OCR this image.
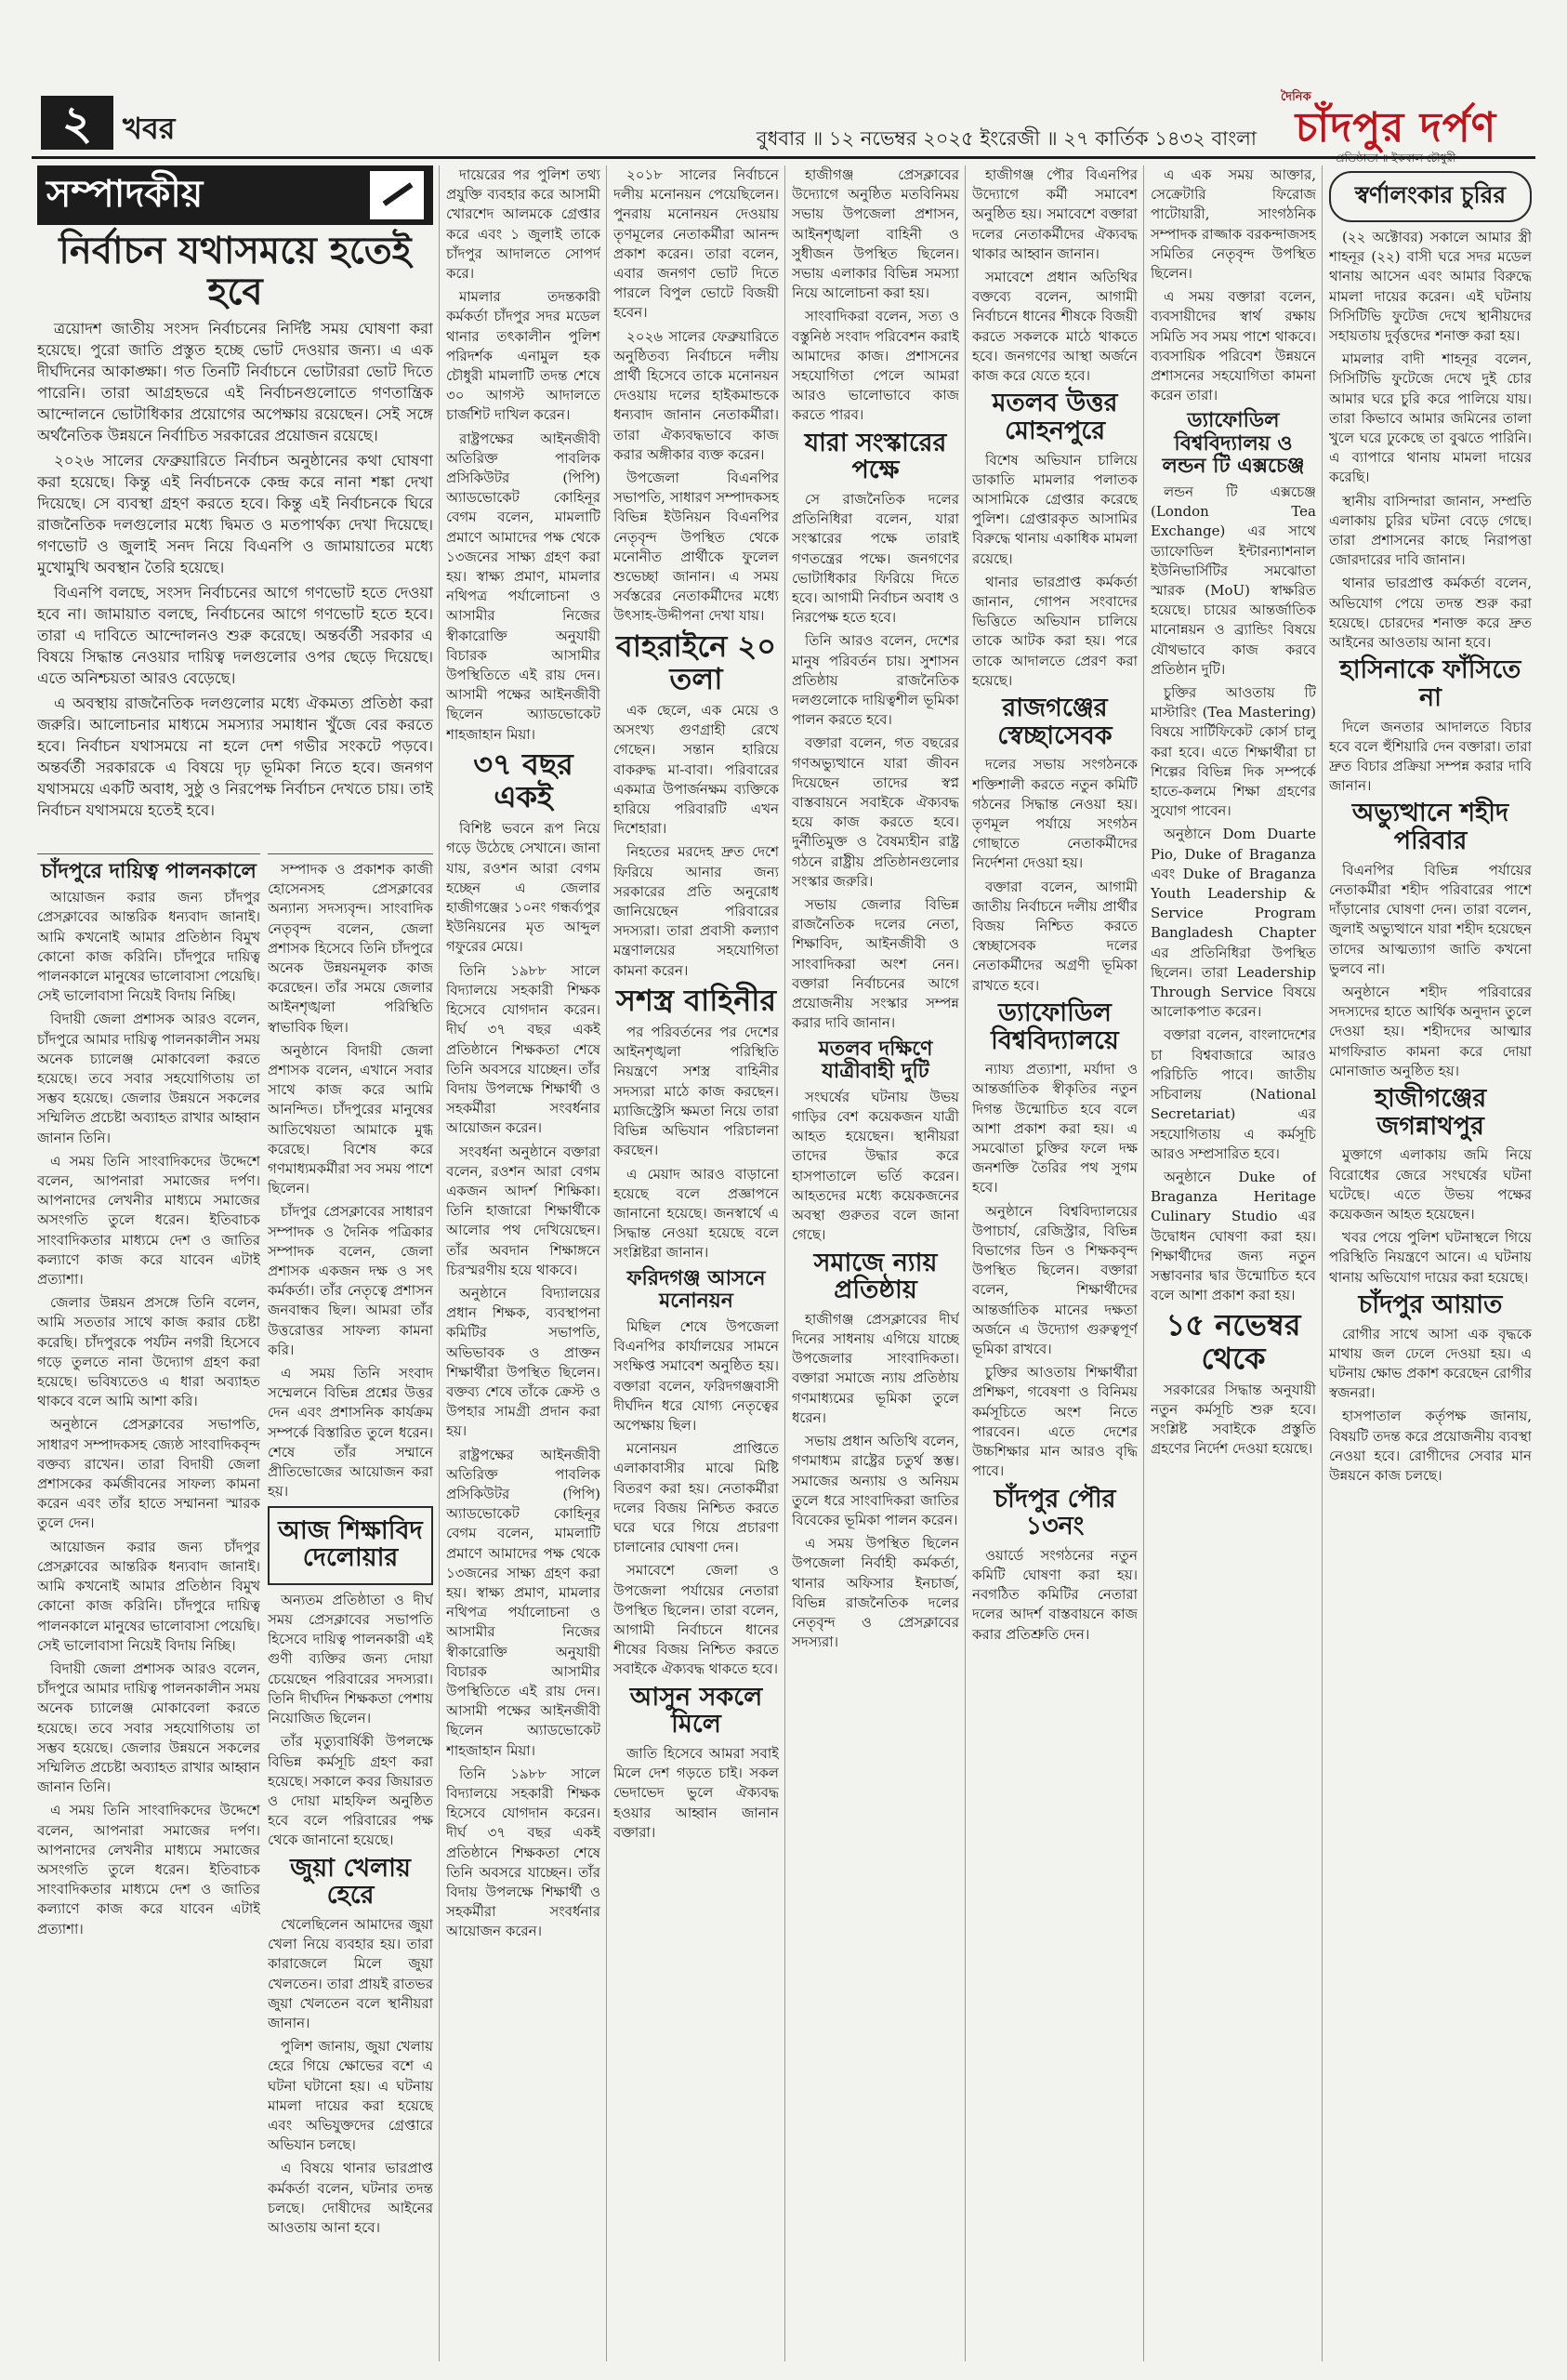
২	খবর	বুধবার ॥ ১২ নভেম্বর ২০২৫ ইংরেজী ॥ ২৭ কার্তিক ১৪৩২ বাংলা
দৈনিক
চাঁদপুর দর্পণ
সম্পাদকীয়
নির্বাচন যথাসময়ে হতেই হবে

ত্রয়োদশ জাতীয় সংসদ নির্বাচনের নির্দিষ্ট সময় ঘোষণা করা হয়েছে। পুরো জাতি প্রস্তুত হচ্ছে ভোট দেওয়ার জন্য। এ এক দীর্ঘদিনের আকাঙ্ক্ষা। গত তিনটি নির্বাচনে ভোটাররা ভোট দিতে পারেনি। তারা আগ্রহভরে এই নির্বাচনগুলোতে গণতান্ত্রিক আন্দোলনে ভোটাধিকার প্রয়োগের অপেক্ষায় রয়েছেন। সেই সঙ্গে অর্থনৈতিক উন্নয়নে নির্বাচিত সরকারের প্রয়োজন রয়েছে।

২০২৬ সালের ফেব্রুয়ারিতে নির্বাচন অনুষ্ঠানের কথা ঘোষণা করা হয়েছে। কিন্তু এই নির্বাচনকে কেন্দ্র করে নানা শঙ্কা দেখা দিয়েছে। সে ব্যবস্থা গ্রহণ করতে হবে। কিন্তু এই নির্বাচনকে ঘিরে রাজনৈতিক দলগুলোর মধ্যে দ্বিমত ও মতপার্থক্য দেখা দিয়েছে। গণভোট ও জুলাই সনদ নিয়ে বিএনপি ও জামায়াতের মধ্যে মুখোমুখি অবস্থান তৈরি হয়েছে।

বিএনপি বলছে, সংসদ নির্বাচনের আগে গণভোট হতে দেওয়া হবে না। জামায়াত বলছে, নির্বাচনের আগে গণভোট হতে হবে। তারা এ দাবিতে আন্দোলনও শুরু করেছে। অন্তর্বর্তী সরকার এ বিষয়ে সিদ্ধান্ত নেওয়ার দায়িত্ব দলগুলোর ওপর ছেড়ে দিয়েছে। এতে অনিশ্চয়তা আরও বেড়েছে।

এ অবস্থায় রাজনৈতিক দলগুলোর মধ্যে ঐকমত্য প্রতিষ্ঠা করা জরুরি। আলোচনার মাধ্যমে সমস্যার সমাধান খুঁজে বের করতে হবে। নির্বাচন যথাসময়ে না হলে দেশ গভীর সংকটে পড়বে। অন্তর্বর্তী সরকারকে এ বিষয়ে দৃঢ় ভূমিকা নিতে হবে। জনগণ যথাসময়ে একটি অবাধ, সুষ্ঠু ও নিরপেক্ষ নির্বাচন দেখতে চায়। তাই নির্বাচন যথাসময়ে হতেই হবে।

চাঁদপুরে দায়িত্ব পালনকালে

আয়োজন করার জন্য চাঁদপুর প্রেসক্লাবের আন্তরিক ধন্যবাদ জানাই। আমি কখনোই আমার প্রতিষ্ঠান বিমুখ কোনো কাজ করিনি। চাঁদপুরে দায়িত্ব পালনকালে মানুষের ভালোবাসা পেয়েছি। সেই ভালোবাসা নিয়েই বিদায় নিচ্ছি।

বিদায়ী জেলা প্রশাসক আরও বলেন, চাঁদপুরে আমার দায়িত্ব পালনকালীন সময় অনেক চ্যালেঞ্জ মোকাবেলা করতে হয়েছে। তবে সবার সহযোগিতায় তা সম্ভব হয়েছে। জেলার উন্নয়নে সকলের সম্মিলিত প্রচেষ্টা অব্যাহত রাখার আহ্বান জানান তিনি।

এ সময় তিনি সাংবাদিকদের উদ্দেশে বলেন, আপনারা সমাজের দর্পণ। আপনাদের লেখনীর মাধ্যমে সমাজের অসংগতি তুলে ধরেন। ইতিবাচক সাংবাদিকতার মাধ্যমে দেশ ও জাতির কল্যাণে কাজ করে যাবেন এটাই প্রত্যাশা।

জেলার উন্নয়ন প্রসঙ্গে তিনি বলেন, আমি সততার সাথে কাজ করার চেষ্টা করেছি। চাঁদপুরকে পর্যটন নগরী হিসেবে গড়ে তুলতে নানা উদ্যোগ গ্রহণ করা হয়েছে। ভবিষ্যতেও এ ধারা অব্যাহত থাকবে বলে আমি আশা করি।

অনুষ্ঠানে প্রেসক্লাবের সভাপতি, সাধারণ সম্পাদকসহ জ্যেষ্ঠ সাংবাদিকবৃন্দ বক্তব্য রাখেন। তারা বিদায়ী জেলা প্রশাসকের কর্মজীবনের সাফল্য কামনা করেন এবং তাঁর হাতে সম্মাননা স্মারক তুলে দেন।

আয়োজন করার জন্য চাঁদপুর প্রেসক্লাবের আন্তরিক ধন্যবাদ জানাই। আমি কখনোই আমার প্রতিষ্ঠান বিমুখ কোনো কাজ করিনি। চাঁদপুরে দায়িত্ব পালনকালে মানুষের ভালোবাসা পেয়েছি। সেই ভালোবাসা নিয়েই বিদায় নিচ্ছি।

বিদায়ী জেলা প্রশাসক আরও বলেন, চাঁদপুরে আমার দায়িত্ব পালনকালীন সময় অনেক চ্যালেঞ্জ মোকাবেলা করতে হয়েছে। তবে সবার সহযোগিতায় তা সম্ভব হয়েছে। জেলার উন্নয়নে সকলের সম্মিলিত প্রচেষ্টা অব্যাহত রাখার আহ্বান জানান তিনি।

এ সময় তিনি সাংবাদিকদের উদ্দেশে বলেন, আপনারা সমাজের দর্পণ। আপনাদের লেখনীর মাধ্যমে সমাজের অসংগতি তুলে ধরেন। ইতিবাচক সাংবাদিকতার মাধ্যমে দেশ ও জাতির কল্যাণে কাজ করে যাবেন এটাই প্রত্যাশা।

সম্পাদক ও প্রকাশক কাজী হোসেনসহ প্রেসক্লাবের অন্যান্য সদস্যবৃন্দ। সাংবাদিক নেতৃবৃন্দ বলেন, জেলা প্রশাসক হিসেবে তিনি চাঁদপুরে অনেক উন্নয়নমূলক কাজ করেছেন। তাঁর সময়ে জেলার আইনশৃঙ্খলা পরিস্থিতি স্বাভাবিক ছিল।

অনুষ্ঠানে বিদায়ী জেলা প্রশাসক বলেন, এখানে সবার সাথে কাজ করে আমি আনন্দিত। চাঁদপুরের মানুষের আতিথেয়তা আমাকে মুগ্ধ করেছে। বিশেষ করে গণমাধ্যমকর্মীরা সব সময় পাশে ছিলেন।

চাঁদপুর প্রেসক্লাবের সাধারণ সম্পাদক ও দৈনিক পত্রিকার সম্পাদক বলেন, জেলা প্রশাসক একজন দক্ষ ও সৎ কর্মকর্তা। তাঁর নেতৃত্বে প্রশাসন জনবান্ধব ছিল। আমরা তাঁর উত্তরোত্তর সাফল্য কামনা করি।

এ সময় তিনি সংবাদ সম্মেলনে বিভিন্ন প্রশ্নের উত্তর দেন এবং প্রশাসনিক কার্যক্রম সম্পর্কে বিস্তারিত তুলে ধরেন। শেষে তাঁর সম্মানে প্রীতিভোজের আয়োজন করা হয়।

আজ শিক্ষাবিদ দেলোয়ার

অন্যতম প্রতিষ্ঠাতা ও দীর্ঘ সময় প্রেসক্লাবের সভাপতি হিসেবে দায়িত্ব পালনকারী এই গুণী ব্যক্তির জন্য দোয়া চেয়েছেন পরিবারের সদস্যরা। তিনি দীর্ঘদিন শিক্ষকতা পেশায় নিয়োজিত ছিলেন।

তাঁর মৃত্যুবার্ষিকী উপলক্ষে বিভিন্ন কর্মসূচি গ্রহণ করা হয়েছে। সকালে কবর জিয়ারত ও দোয়া মাহফিল অনুষ্ঠিত হবে বলে পরিবারের পক্ষ থেকে জানানো হয়েছে।

জুয়া খেলায় হেরে

খেলেছিলেন আমাদের জুয়া খেলা নিয়ে ব্যবহার হয়। তারা কারাজেলে মিলে জুয়া খেলতেন। তারা প্রায়ই রাতভর জুয়া খেলতেন বলে স্থানীয়রা জানান।

পুলিশ জানায়, জুয়া খেলায় হেরে গিয়ে ক্ষোভের বশে এ ঘটনা ঘটানো হয়। এ ঘটনায় মামলা দায়ের করা হয়েছে এবং অভিযুক্তদের গ্রেপ্তারে অভিযান চলছে।

এ বিষয়ে থানার ভারপ্রাপ্ত কর্মকর্তা বলেন, ঘটনার তদন্ত চলছে। দোষীদের আইনের আওতায় আনা হবে।

দায়েরের পর পুলিশ তথ্য প্রযুক্তি ব্যবহার করে আসামী খোরশেদ আলমকে গ্রেপ্তার করে এবং ১ জুলাই তাকে চাঁদপুর আদালতে সোপর্দ করে।

মামলার তদন্তকারী কর্মকর্তা চাঁদপুর সদর মডেল থানার তৎকালীন পুলিশ পরিদর্শক এনামুল হক চৌধুরী মামলাটি তদন্ত শেষে ৩০ আগস্ট আদালতে চার্জশিট দাখিল করেন।

রাষ্ট্রপক্ষের আইনজীবী অতিরিক্ত পাবলিক প্রসিকিউটর (পিপি) অ্যাডভোকেট কোহিনূর বেগম বলেন, মামলাটি প্রমাণে আমাদের পক্ষ থেকে ১৩জনের সাক্ষ্য গ্রহণ করা হয়। স্বাক্ষ্য প্রমাণ, মামলার নথিপত্র পর্যালোচনা ও আসামীর নিজের স্বীকারোক্তি অনুযায়ী বিচারক আসামীর উপস্থিতিতে এই রায় দেন। আসামী পক্ষের আইনজীবী ছিলেন অ্যাডভোকেট শাহজাহান মিয়া।

৩৭ বছর একই

বিশিষ্ট ভবনে রূপ নিয়ে গড়ে উঠেছে সেখানে। জানা যায়, রওশন আরা বেগম হচ্ছেন এ জেলার হাজীগঞ্জের ১০নং গন্ধর্ব্যপুর ইউনিয়নের মৃত আব্দুল গফুরের মেয়ে।

তিনি ১৯৮৮ সালে বিদ্যালয়ে সহকারী শিক্ষক হিসেবে যোগদান করেন। দীর্ঘ ৩৭ বছর একই প্রতিষ্ঠানে শিক্ষকতা শেষে তিনি অবসরে যাচ্ছেন। তাঁর বিদায় উপলক্ষে শিক্ষার্থী ও সহকর্মীরা সংবর্ধনার আয়োজন করেন।

সংবর্ধনা অনুষ্ঠানে বক্তারা বলেন, রওশন আরা বেগম একজন আদর্শ শিক্ষিকা। তিনি হাজারো শিক্ষার্থীকে আলোর পথ দেখিয়েছেন। তাঁর অবদান শিক্ষাঙ্গনে চিরস্মরণীয় হয়ে থাকবে।

অনুষ্ঠানে বিদ্যালয়ের প্রধান শিক্ষক, ব্যবস্থাপনা কমিটির সভাপতি, অভিভাবক ও প্রাক্তন শিক্ষার্থীরা উপস্থিত ছিলেন। বক্তব্য শেষে তাঁকে ক্রেস্ট ও উপহার সামগ্রী প্রদান করা হয়।

রাষ্ট্রপক্ষের আইনজীবী অতিরিক্ত পাবলিক প্রসিকিউটর (পিপি) অ্যাডভোকেট কোহিনূর বেগম বলেন, মামলাটি প্রমাণে আমাদের পক্ষ থেকে ১৩জনের সাক্ষ্য গ্রহণ করা হয়। স্বাক্ষ্য প্রমাণ, মামলার নথিপত্র পর্যালোচনা ও আসামীর নিজের স্বীকারোক্তি অনুযায়ী বিচারক আসামীর উপস্থিতিতে এই রায় দেন। আসামী পক্ষের আইনজীবী ছিলেন অ্যাডভোকেট শাহজাহান মিয়া।

তিনি ১৯৮৮ সালে বিদ্যালয়ে সহকারী শিক্ষক হিসেবে যোগদান করেন। দীর্ঘ ৩৭ বছর একই প্রতিষ্ঠানে শিক্ষকতা শেষে তিনি অবসরে যাচ্ছেন। তাঁর বিদায় উপলক্ষে শিক্ষার্থী ও সহকর্মীরা সংবর্ধনার আয়োজন করেন।

২০১৮ সালের নির্বাচনে দলীয় মনোনয়ন পেয়েছিলেন। পুনরায় মনোনয়ন দেওয়ায় তৃণমূলের নেতাকর্মীরা আনন্দ প্রকাশ করেন। তারা বলেন, এবার জনগণ ভোট দিতে পারলে বিপুল ভোটে বিজয়ী হবেন।

২০২৬ সালের ফেব্রুয়ারিতে অনুষ্ঠিতব্য নির্বাচনে দলীয় প্রার্থী হিসেবে তাকে মনোনয়ন দেওয়ায় দলের হাইকমান্ডকে ধন্যবাদ জানান নেতাকর্মীরা। তারা ঐক্যবদ্ধভাবে কাজ করার অঙ্গীকার ব্যক্ত করেন।

উপজেলা বিএনপির সভাপতি, সাধারণ সম্পাদকসহ বিভিন্ন ইউনিয়ন বিএনপির নেতৃবৃন্দ উপস্থিত থেকে মনোনীত প্রার্থীকে ফুলেল শুভেচ্ছা জানান। এ সময় সর্বস্তরের নেতাকর্মীদের মধ্যে উৎসাহ-উদ্দীপনা দেখা যায়।

বাহরাইনে ২০ তলা

এক ছেলে, এক মেয়ে ও অসংখ্য গুণগ্রাহী রেখে গেছেন। সন্তান হারিয়ে বাকরুদ্ধ মা-বাবা। পরিবারের একমাত্র উপার্জনক্ষম ব্যক্তিকে হারিয়ে পরিবারটি এখন দিশেহারা।

নিহতের মরদেহ দ্রুত দেশে ফিরিয়ে আনার জন্য সরকারের প্রতি অনুরোধ জানিয়েছেন পরিবারের সদস্যরা। তারা প্রবাসী কল্যাণ মন্ত্রণালয়ের সহযোগিতা কামনা করেন।

সশস্ত্র বাহিনীর

পর পরিবর্তনের পর দেশের আইনশৃঙ্খলা পরিস্থিতি নিয়ন্ত্রণে সশস্ত্র বাহিনীর সদস্যরা মাঠে কাজ করছেন। ম্যাজিস্ট্রেসি ক্ষমতা নিয়ে তারা বিভিন্ন অভিযান পরিচালনা করছেন।

এ মেয়াদ আরও বাড়ানো হয়েছে বলে প্রজ্ঞাপনে জানানো হয়েছে। জনস্বার্থে এ সিদ্ধান্ত নেওয়া হয়েছে বলে সংশ্লিষ্টরা জানান।

ফরিদগঞ্জ আসনে মনোনয়ন

মিছিল শেষে উপজেলা বিএনপির কার্যালয়ের সামনে সংক্ষিপ্ত সমাবেশ অনুষ্ঠিত হয়। বক্তারা বলেন, ফরিদগঞ্জবাসী দীর্ঘদিন ধরে যোগ্য নেতৃত্বের অপেক্ষায় ছিল।

মনোনয়ন প্রাপ্তিতে এলাকাবাসীর মাঝে মিষ্টি বিতরণ করা হয়। নেতাকর্মীরা দলের বিজয় নিশ্চিত করতে ঘরে ঘরে গিয়ে প্রচারণা চালানোর ঘোষণা দেন।

সমাবেশে জেলা ও উপজেলা পর্যায়ের নেতারা উপস্থিত ছিলেন। তারা বলেন, আগামী নির্বাচনে ধানের শীষের বিজয় নিশ্চিত করতে সবাইকে ঐক্যবদ্ধ থাকতে হবে।

আসুন সকলে মিলে

জাতি হিসেবে আমরা সবাই মিলে দেশ গড়তে চাই। সকল ভেদাভেদ ভুলে ঐক্যবদ্ধ হওয়ার আহ্বান জানান বক্তারা।

হাজীগঞ্জ প্রেসক্লাবের উদ্যোগে অনুষ্ঠিত মতবিনিময় সভায় উপজেলা প্রশাসন, আইনশৃঙ্খলা বাহিনী ও সুধীজন উপস্থিত ছিলেন। সভায় এলাকার বিভিন্ন সমস্যা নিয়ে আলোচনা করা হয়।

সাংবাদিকরা বলেন, সত্য ও বস্তুনিষ্ঠ সংবাদ পরিবেশন করাই আমাদের কাজ। প্রশাসনের সহযোগিতা পেলে আমরা আরও ভালোভাবে কাজ করতে পারব।

যারা সংস্কারের পক্ষে

সে রাজনৈতিক দলের প্রতিনিধিরা বলেন, যারা সংস্কারের পক্ষে তারাই গণতন্ত্রের পক্ষে। জনগণের ভোটাধিকার ফিরিয়ে দিতে হবে। আগামী নির্বাচন অবাধ ও নিরপেক্ষ হতে হবে।

তিনি আরও বলেন, দেশের মানুষ পরিবর্তন চায়। সুশাসন প্রতিষ্ঠায় রাজনৈতিক দলগুলোকে দায়িত্বশীল ভূমিকা পালন করতে হবে।

বক্তারা বলেন, গত বছরের গণঅভ্যুত্থানে যারা জীবন দিয়েছেন তাদের স্বপ্ন বাস্তবায়নে সবাইকে ঐক্যবদ্ধ হয়ে কাজ করতে হবে। দুর্নীতিমুক্ত ও বৈষম্যহীন রাষ্ট্র গঠনে রাষ্ট্রীয় প্রতিষ্ঠানগুলোর সংস্কার জরুরি।

সভায় জেলার বিভিন্ন রাজনৈতিক দলের নেতা, শিক্ষাবিদ, আইনজীবী ও সাংবাদিকরা অংশ নেন। বক্তারা নির্বাচনের আগে প্রয়োজনীয় সংস্কার সম্পন্ন করার দাবি জানান।

মতলব দক্ষিণে যাত্রীবাহী দুটি

সংঘর্ষের ঘটনায় উভয় গাড়ির বেশ কয়েকজন যাত্রী আহত হয়েছেন। স্থানীয়রা তাদের উদ্ধার করে হাসপাতালে ভর্তি করেন। আহতদের মধ্যে কয়েকজনের অবস্থা গুরুতর বলে জানা গেছে।

সমাজে ন্যায় প্রতিষ্ঠায়

হাজীগঞ্জ প্রেসক্লাবের দীর্ঘ দিনের সাধনায় এগিয়ে যাচ্ছে উপজেলার সাংবাদিকতা। বক্তারা সমাজে ন্যায় প্রতিষ্ঠায় গণমাধ্যমের ভূমিকা তুলে ধরেন।

সভায় প্রধান অতিথি বলেন, গণমাধ্যম রাষ্ট্রের চতুর্থ স্তম্ভ। সমাজের অন্যায় ও অনিয়ম তুলে ধরে সাংবাদিকরা জাতির বিবেকের ভূমিকা পালন করেন।

এ সময় উপস্থিত ছিলেন উপজেলা নির্বাহী কর্মকর্তা, থানার অফিসার ইনচার্জ, বিভিন্ন রাজনৈতিক দলের নেতৃবৃন্দ ও প্রেসক্লাবের সদস্যরা।

হাজীগঞ্জ পৌর বিএনপির উদ্যোগে কর্মী সমাবেশ অনুষ্ঠিত হয়। সমাবেশে বক্তারা দলের নেতাকর্মীদের ঐক্যবদ্ধ থাকার আহ্বান জানান।

সমাবেশে প্রধান অতিথির বক্তব্যে বলেন, আগামী নির্বাচনে ধানের শীষকে বিজয়ী করতে সকলকে মাঠে থাকতে হবে। জনগণের আস্থা অর্জনে কাজ করে যেতে হবে।

মতলব উত্তর মোহনপুরে

বিশেষ অভিযান চালিয়ে ডাকাতি মামলার পলাতক আসামিকে গ্রেপ্তার করেছে পুলিশ। গ্রেপ্তারকৃত আসামির বিরুদ্ধে থানায় একাধিক মামলা রয়েছে।

থানার ভারপ্রাপ্ত কর্মকর্তা জানান, গোপন সংবাদের ভিত্তিতে অভিযান চালিয়ে তাকে আটক করা হয়। পরে তাকে আদালতে প্রেরণ করা হয়েছে।

রাজগঞ্জের স্বেচ্ছাসেবক

দলের সভায় সংগঠনকে শক্তিশালী করতে নতুন কমিটি গঠনের সিদ্ধান্ত নেওয়া হয়। তৃণমূল পর্যায়ে সংগঠন গোছাতে নেতাকর্মীদের নির্দেশনা দেওয়া হয়।

বক্তারা বলেন, আগামী জাতীয় নির্বাচনে দলীয় প্রার্থীর বিজয় নিশ্চিত করতে স্বেচ্ছাসেবক দলের নেতাকর্মীদের অগ্রণী ভূমিকা রাখতে হবে।

ড্যাফোডিল বিশ্ববিদ্যালয়ে

ন্যায্য প্রত্যাশা, মর্যাদা ও আন্তর্জাতিক স্বীকৃতির নতুন দিগন্ত উন্মোচিত হবে বলে আশা প্রকাশ করা হয়। এ সমঝোতা চুক্তির ফলে দক্ষ জনশক্তি তৈরির পথ সুগম হবে।

অনুষ্ঠানে বিশ্ববিদ্যালয়ের উপাচার্য, রেজিস্ট্রার, বিভিন্ন বিভাগের ডিন ও শিক্ষকবৃন্দ উপস্থিত ছিলেন। বক্তারা বলেন, শিক্ষার্থীদের আন্তর্জাতিক মানের দক্ষতা অর্জনে এ উদ্যোগ গুরুত্বপূর্ণ ভূমিকা রাখবে।

চুক্তির আওতায় শিক্ষার্থীরা প্রশিক্ষণ, গবেষণা ও বিনিময় কর্মসূচিতে অংশ নিতে পারবেন। এতে দেশের উচ্চশিক্ষার মান আরও বৃদ্ধি পাবে।

চাঁদপুর পৌর ১৩নং

ওয়ার্ডে সংগঠনের নতুন কমিটি ঘোষণা করা হয়। নবগঠিত কমিটির নেতারা দলের আদর্শ বাস্তবায়নে কাজ করার প্রতিশ্রুতি দেন।

এ এক সময় আক্তার, সেক্রেটারি ফিরোজ পাটোয়ারী, সাংগঠনিক সম্পাদক রাজ্জাক বরকন্দাজসহ সমিতির নেতৃবৃন্দ উপস্থিত ছিলেন।

এ সময় বক্তারা বলেন, ব্যবসায়ীদের স্বার্থ রক্ষায় সমিতি সব সময় পাশে থাকবে। ব্যবসায়িক পরিবেশ উন্নয়নে প্রশাসনের সহযোগিতা কামনা করেন তারা।

ড্যাফোডিল বিশ্ববিদ্যালয় ও লন্ডন টি এক্সচেঞ্জ

লন্ডন টি এক্সচেঞ্জ (London Tea Exchange) এর সাথে ড্যাফোডিল ইন্টারন্যাশনাল ইউনিভার্সিটির সমঝোতা স্মারক (MoU) স্বাক্ষরিত হয়েছে। চায়ের আন্তর্জাতিক মানোন্নয়ন ও ব্র্যান্ডিং বিষয়ে যৌথভাবে কাজ করবে প্রতিষ্ঠান দুটি।

চুক্তির আওতায় টি মাস্টারিং (Tea Mastering) বিষয়ে সার্টিফিকেট কোর্স চালু করা হবে। এতে শিক্ষার্থীরা চা শিল্পের বিভিন্ন দিক সম্পর্কে হাতে-কলমে শিক্ষা গ্রহণের সুযোগ পাবেন।

অনুষ্ঠানে Dom Duarte Pio, Duke of Braganza এবং Duke of Braganza Youth Leadership & Service Program Bangladesh Chapter এর প্রতিনিধিরা উপস্থিত ছিলেন। তারা Leadership Through Service বিষয়ে আলোকপাত করেন।

বক্তারা বলেন, বাংলাদেশের চা বিশ্ববাজারে আরও পরিচিতি পাবে। জাতীয় সচিবালয় (National Secretariat) এর সহযোগিতায় এ কর্মসূচি আরও সম্প্রসারিত হবে।

অনুষ্ঠানে Duke of Braganza Heritage Culinary Studio এর উদ্বোধন ঘোষণা করা হয়। শিক্ষার্থীদের জন্য নতুন সম্ভাবনার দ্বার উন্মোচিত হবে বলে আশা প্রকাশ করা হয়।

১৫ নভেম্বর থেকে

সরকারের সিদ্ধান্ত অনুযায়ী নতুন কর্মসূচি শুরু হবে। সংশ্লিষ্ট সবাইকে প্রস্তুতি গ্রহণের নির্দেশ দেওয়া হয়েছে।

স্বর্ণালংকার চুরির

(২২ অক্টোবর) সকালে আমার স্ত্রী শাহনূর (২২) বাসী ঘরে সদর মডেল থানায় আসেন এবং আমার বিরুদ্ধে মামলা দায়ের করেন। এই ঘটনায় সিসিটিভি ফুটেজ দেখে স্থানীয়দের সহায়তায় দুর্বৃত্তদের শনাক্ত করা হয়।

মামলার বাদী শাহনূর বলেন, সিসিটিভি ফুটেজে দেখে দুই চোর আমার ঘরে চুরি করে পালিয়ে যায়। তারা কিভাবে আমার জমিনের তালা খুলে ঘরে ঢুকেছে তা বুঝতে পারিনি। এ ব্যাপারে থানায় মামলা দায়ের করেছি।

স্থানীয় বাসিন্দারা জানান, সম্প্রতি এলাকায় চুরির ঘটনা বেড়ে গেছে। তারা প্রশাসনের কাছে নিরাপত্তা জোরদারের দাবি জানান।

থানার ভারপ্রাপ্ত কর্মকর্তা বলেন, অভিযোগ পেয়ে তদন্ত শুরু করা হয়েছে। চোরদের শনাক্ত করে দ্রুত আইনের আওতায় আনা হবে।

হাসিনাকে ফাঁসিতে না

দিলে জনতার আদালতে বিচার হবে বলে হুঁশিয়ারি দেন বক্তারা। তারা দ্রুত বিচার প্রক্রিয়া সম্পন্ন করার দাবি জানান।

অভ্যুত্থানে শহীদ পরিবার

বিএনপির বিভিন্ন পর্যায়ের নেতাকর্মীরা শহীদ পরিবারের পাশে দাঁড়ানোর ঘোষণা দেন। তারা বলেন, জুলাই অভ্যুত্থানে যারা শহীদ হয়েছেন তাদের আত্মত্যাগ জাতি কখনো ভুলবে না।

অনুষ্ঠানে শহীদ পরিবারের সদস্যদের হাতে আর্থিক অনুদান তুলে দেওয়া হয়। শহীদদের আত্মার মাগফিরাত কামনা করে দোয়া মোনাজাত অনুষ্ঠিত হয়।

হাজীগঞ্জের জগন্নাথপুর

মুক্তাগে এলাকায় জমি নিয়ে বিরোধের জেরে সংঘর্ষের ঘটনা ঘটেছে। এতে উভয় পক্ষের কয়েকজন আহত হয়েছেন।

খবর পেয়ে পুলিশ ঘটনাস্থলে গিয়ে পরিস্থিতি নিয়ন্ত্রণে আনে। এ ঘটনায় থানায় অভিযোগ দায়ের করা হয়েছে।

চাঁদপুর আয়াত

রোগীর সাথে আসা এক বৃদ্ধকে মাথায় জল ঢেলে দেওয়া হয়। এ ঘটনায় ক্ষোভ প্রকাশ করেছেন রোগীর স্বজনরা।

হাসপাতাল কর্তৃপক্ষ জানায়, বিষয়টি তদন্ত করে প্রয়োজনীয় ব্যবস্থা নেওয়া হবে। রোগীদের সেবার মান উন্নয়নে কাজ চলছে।
